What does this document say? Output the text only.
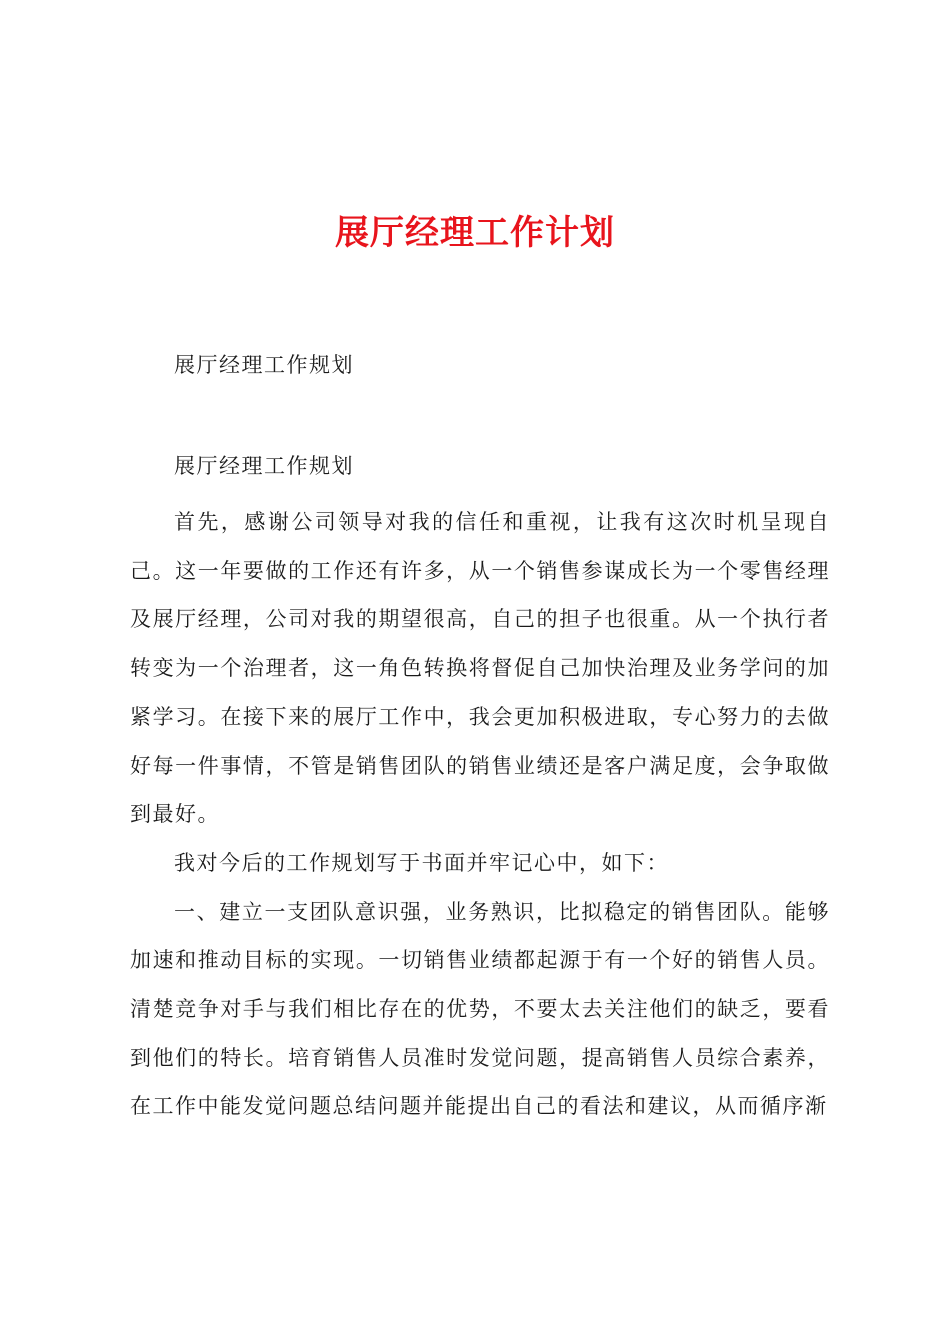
展厅经理工作计划
展厅经理工作规划
展厅经理工作规划

首先，感谢公司领导对我的信任和重视，让我有这次时机呈现自己。这一年要做的工作还有许多，从一个销售参谋成长为一个零售经理及展厅经理，公司对我的期望很高，自己的担子也很重。从一个执行者转变为一个治理者，这一角色转换将督促自己加快治理及业务学问的加紧学习。在接下来的展厅工作中，我会更加积极进取，专心努力的去做好每一件事情，不管是销售团队的销售业绩还是客户满足度，会争取做到最好。

我对今后的工作规划写于书面并牢记心中，如下：

一、建立一支团队意识强，业务熟识，比拟稳定的销售团队。能够加速和推动目标的实现。一切销售业绩都起源于有一个好的销售人员。清楚竞争对手与我们相比存在的优势，不要太去关注他们的缺乏，要看到他们的特长。培育销售人员准时发觉问题，提高销售人员综合素养，在工作中能发觉问题总结问题并能提出自己的看法和建议，从而循序渐
